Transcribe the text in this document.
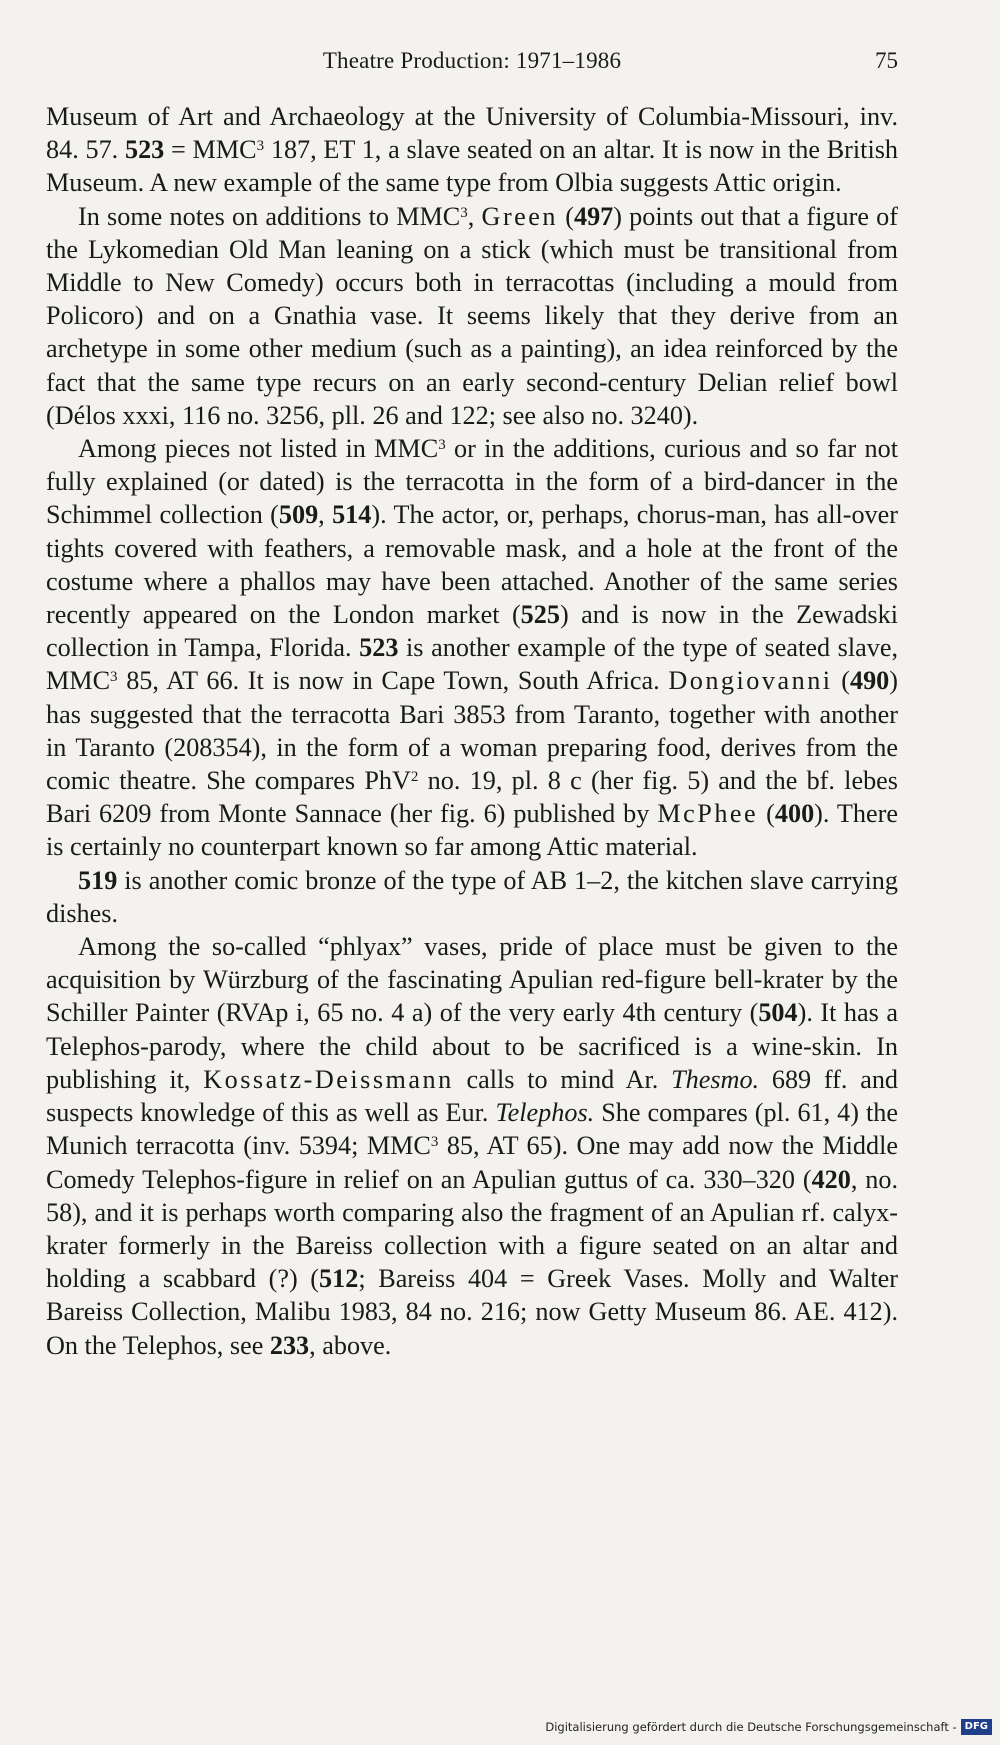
Theatre Production: 1971–1986	75

Museum of Art and Archaeology at the University of Columbia-Missouri, inv. 84. 57. $523 = MMC^3$ 187, ET 1, a slave seated on an altar. It is now in the British Museum. A new example of the same type from Olbia suggests Attic origin.

In some notes on additions to MMC$^3$, Green (497) points out that a figure of the Lykomedian Old Man leaning on a stick (which must be transitional from Middle to New Comedy) occurs both in terracottas (including a mould from Policoro) and on a Gnathia vase. It seems likely that they derive from an archetype in some other medium (such as a painting), an idea reinforced by the fact that the same type recurs on an early second-century Delian relief bowl (Délos xxxi, 116 no. 3256, pll. 26 and 122; see also no. 3240).

Among pieces not listed in MMC$^3$ or in the additions, curious and so far not fully explained (or dated) is the terracotta in the form of a bird-dancer in the Schimmel collection (509, 514). The actor, or, perhaps, chorus-man, has all-over tights covered with feathers, a removable mask, and a hole at the front of the costume where a phallos may have been attached. Another of the same series recently appeared on the London market (525) and is now in the Zewadski collection in Tampa, Florida. 523 is another example of the type of seated slave, MMC$^3$ 85, AT 66. It is now in Cape Town, South Africa. Dongiovanni (490) has suggested that the terracotta Bari 3853 from Taranto, together with another in Taranto (208354), in the form of a woman preparing food, derives from the comic theatre. She compares PhV$^2$ no. 19, pl. 8 c (her fig. 5) and the bf. lebes Bari 6209 from Monte Sannace (her fig. 6) published by McPhee (400). There is certainly no counterpart known so far among Attic material.

519 is another comic bronze of the type of AB 1–2, the kitchen slave carrying dishes.

Among the so-called “phlyax” vases, pride of place must be given to the acquisition by Würzburg of the fascinating Apulian red-figure bell-krater by the Schiller Painter (RVAp i, 65 no. 4 a) of the very early 4th century (504). It has a Telephos-parody, where the child about to be sacrificed is a wine-skin. In publishing it, Kossatz-Deissmann calls to mind Ar. Thesmo. 689 ff. and suspects knowledge of this as well as Eur. Telephos. She compares (pl. 61, 4) the Munich terracotta (inv. 5394; MMC$^3$ 85, AT 65). One may add now the Middle Comedy Telephos-figure in relief on an Apulian guttus of ca. 330–320 (420, no. 58), and it is perhaps worth comparing also the fragment of an Apulian rf. calyx-krater formerly in the Bareiss collection with a figure seated on an altar and holding a scabbard (?) (512; Bareiss 404 = Greek Vases. Molly and Walter Bareiss Collection, Malibu 1983, 84 no. 216; now Getty Museum 86. AE. 412). On the Telephos, see 233, above.

Digitalisierung gefördert durch die Deutsche Forschungsgemeinschaft - DFG
